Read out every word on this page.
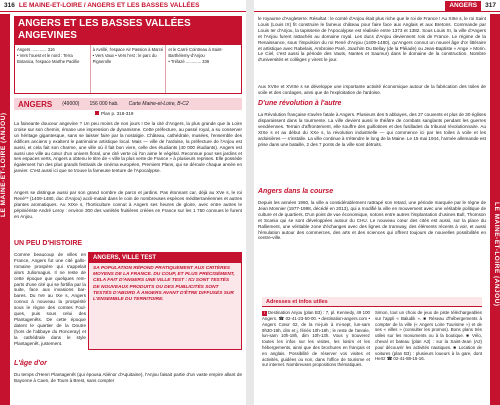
316 LE MAINE-ET-LOIRE / ANGERS ET LES BASSES VALLÉES
LE MAINE-ET-LOIRE (ANJOU)
ANGERS ET LES BASSES VALLÉES ANGEVINES
Angers ............. 316
• Vers l'ouest et le nord : Terra Botanica, l'espace Marthe Pacillie
à Avrillé, l'espace Air Passion à Marcé
• Vers Vaux • Vers l'est : le parc du Pignerolle
et le Carré Cointreau à Saint-Barthélemy-d'Anjou
• Trélazé ............. 336
ANGERS (49000) 156 000 hab. Carte Maine-et-Loire, B-C2
Plan p. 318-319
La faineante douceur angevine ? Un peu moins de nos jours ! De la cité d'Angers, la plus grande que la Loire croise sur son chemin, émane une impression de dynamisme. Cette préfecture, au passé royal, a su conserver un héritage gigantesque, sans se laisser faire par la nostalgie. Château, cathédrale, musées, l'ensemble des édifices anciens y exaltent le patrimoine artistique local. Mais — ville de l'ardoise, la préfecture de l'Anjou est aussi, et cela fait son charme, une ville où il fait bon vivre, celle des étudiants (40 000 étudiants). Angers est aussi une ville au cœur d'un univers floral, une cité verte où l'on aime le végétal. Reconnue pour ses jardins et ses espaces verts, Angers a obtenu le titre de « ville la plus verte de France » à plusieurs reprises. Elle possède également l'un des plus grands festivals de cinéma européen, Premiers Plans, qui se déroule chaque année en janvier. C'est aussi ici que se trouve la fameuse tenture de l'Apocalypse.
Angers se distingue aussi par son grand nombre de parcs et jardins. Pas étonnant car, déjà au XVe s, le roi René** (1409-1480, duc d'Anjou) accli-matait dans le coin de nombreuses espèces méditerranéennes et autres plantes aromatiques. Au XIXe s, l'horticulture connut à Angers ses heures de gloire, avec entre autres le pépiniériste André Leroy : environ 300 des variétés fruitières créées en France sur les 1 750 connues le furent en Anjou.
UN PEU D'HISTOIRE
Comme beaucoup de villes en France, Angers fut une cité gallo-romaine prospère qui s'appelait alors Juliomagus. Il ne reste de cette époque que quelques rem-parts d'une cité qui se fortifia par la suite, face aux invasions bar-bares. Du IVe au IXe s, Angers connut à nouveau la prospérité sous le règne des comtes Foul-ques, puis sous celui des Plantagenêts. De cette époque datent le quartier de la Doutre (hors de l'abbaye du Ronceray) et la cathédrale dans le style Plantagenêt, justement.
ANGERS, VILLE TEST
SA POPULATION RÉPOND PRATIQUEMENT AUX CRITÈRES MOYENS DE LA FRANCE. DU COUP, ET PLUS PRÉCISÉMENT, CELA FAIT D'ANGERS UNE VILLE TEST : ICI SONT TESTÉS DE NOUVEAUX PRODUITS OU DES PUBLICITÉS SONT TESTÉS D'ABORD À ANGERS AVANT D'ÊTRE DIFFUSÉS SUR L'ENSEMBLE DU TERRITOIRE.
L'âge d'or
Du temps d'Henri Plantagenêt (qui épousa Aliénor d'Aquitaine), l'Anjou faisait partie d'un vaste empire allant de Bayonne à Caen, de Tours à Brest, sans compter
ANGERS	317
LE MAINE-ET-LOIRE (ANJOU)
le royaume d'Angleterre. Résultat : le comté d'Anjou était plus riche que le roi de France ! Au XIIIe s, le roi Saint Louis (Louis IX) fit construire le fameux château pour faire face aux Anglais et aux Bretons. Commande par Louis Ier d'Anjou, la tapisserie de l'Apocalypse est réalisée entre 1373 et 1382. Sous Louis XI, la ville d'Angers et l'Anjou furent rattachés au domaine royal. Les ducs d'Anjou deviennent rois de France. Le régime de la Renaissance, sous l'impulsion du roi René d'Anjou (1409-1480), qu'Angers connut un nouvel âge d'or littéraire et artistique avec Rabelais, Ambroise Paré, Joachim Du Bellay (de la Pléiade) ou Jean-Baptiste « Ange » Morin. Le Ciel, c'est aussi la période des Vauts, Nantes et Saumur) dans le domaine de la construction. Nombre d'universités et collèges y virent le jour.
Aux XVIIe et XVIIIe s se développe une importante activité économique autour de la fabrication des toiles de voile et des cordages, ainsi que de l'exploitation de l'ardoise.
D'une révolution à l'autre
La Révolution française s'avère fatale à Angers. Plusieurs des 5 abbayes, des 27 couvents et plus de 30 églises disparaissent dans la tourmente. La ville devient aussi le théâtre de combats sanglants pendant les guerres vendéennes. Terrain d'affrontement, elle souffre des guillotines et des fusillades du tribunal révolutionnaire. Au XIXe s et au début du XXe s, la révolution industrielle — qui commence ici par les toiles à voile et les ardoisières — s'installe. La ville continue à s'étendre le long de la Maine. Le 15 mai 1944, l'armée allemande est prise dans une bataille, 2 des 7 ponts de la ville sont détruits.
Angers dans la course
Depuis les années 1960, la ville a considérablement rattrapé son retard, une période marquée par le règne de Jean Monnier (1977-1998, décédé en 2013), qui a modifié la ville en mouvement avec une véritable politique de culture et de quartiers. D'un point de vue économique, notons entre autres l'implantation d'usines Bull, Thomson et Scania qui se sont développées autour du CHU. Le nouveau cœur des cités est aussi, sur la place du Ralliement, une véritable zone d'échanges avec des lignes de tramway, des éléments récents à voir, et aussi l'émulation autour des commerces, des arts et des sciences qui offrent toujours de nouvelles possibilités en centre-ville.
Adresses et infos utiles
i Destination Anjou (plan B3) : 7, pl. Kennedy, 49 100 Angers. ☎ 02-41-23-50-00. • destination-angers.com • Angers Cœur 02, de la mi-juin à mi-sept, lun-sam 9h30-19h, dim et j. fériés 10h-18h ; le reste de l'année, lun-sam 10h-18h, dim 10h-13h. Vous y trouverez toutes les infos sur les visites, les loisirs et les hébergements, ainsi que des brochures en français et en anglais. Possibilité de réserver vos visites et activités, guidées ou non, dans l'office de tourisme et sur internet. Nombreuses propositions thématiques.
Simon, tout un choix de jeux de piste téléchargeables sur l'appli « Baludik ». ■ Réseau d'hébergements à compter de la ville (« Angers Loire Tourisme ») et de ses « villes » (consulter les promos). Bons plans très utiles sur les monuments ou à la boutique. ■ Vélo, cheval et bateau (plan A3) : sur la Saint-Jean (A2) pour découvrir les activités nautiques. ■ Location de voitures (plan B3) : plusieurs loueurs à la gare, dont Hertz ☎ 02-41-88-15-16.
